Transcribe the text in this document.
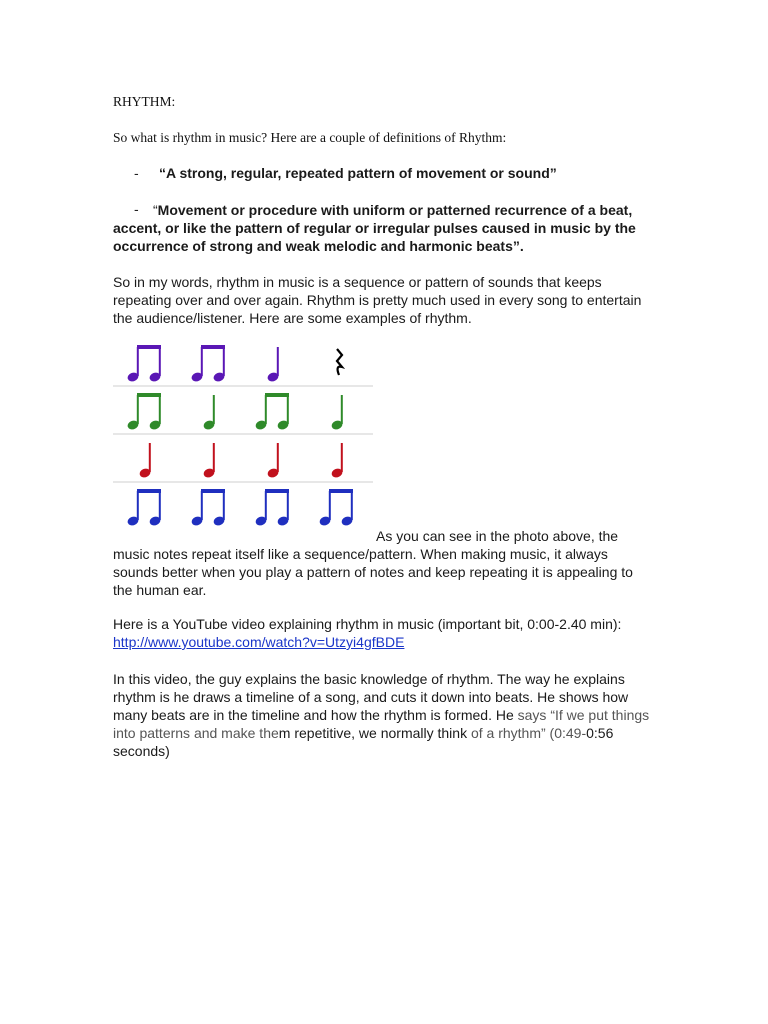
RHYTHM:
So what is rhythm in music? Here are a couple of definitions of Rhythm:
- “A strong, regular, repeated pattern of movement or sound”
-	“Movement or procedure with uniform or patterned recurrence of a beat, accent, or like the pattern of regular or irregular pulses caused in music by the occurrence of strong and weak melodic and harmonic beats”.
So in my words, rhythm in music is a sequence or pattern of sounds that keeps repeating over and over again. Rhythm is pretty much used in every song to entertain the audience/listener. Here are some examples of rhythm.
As you can see in the photo above, the
music notes repeat itself like a sequence/pattern. When making music, it always sounds better when you play a pattern of notes and keep repeating it is appealing to the human ear.
Here is a YouTube video explaining rhythm in music (important bit, 0:00-2.40 min): http://www.youtube.com/watch?v=Utzyi4gfBDE
In this video, the guy explains the basic knowledge of rhythm. The way he explains rhythm is he draws a timeline of a song, and cuts it down into beats. He shows how many beats are in the timeline and how the rhythm is formed. He says “If we put things into patterns and make them repetitive, we normally think of a rhythm” (0:49-0:56 seconds)
